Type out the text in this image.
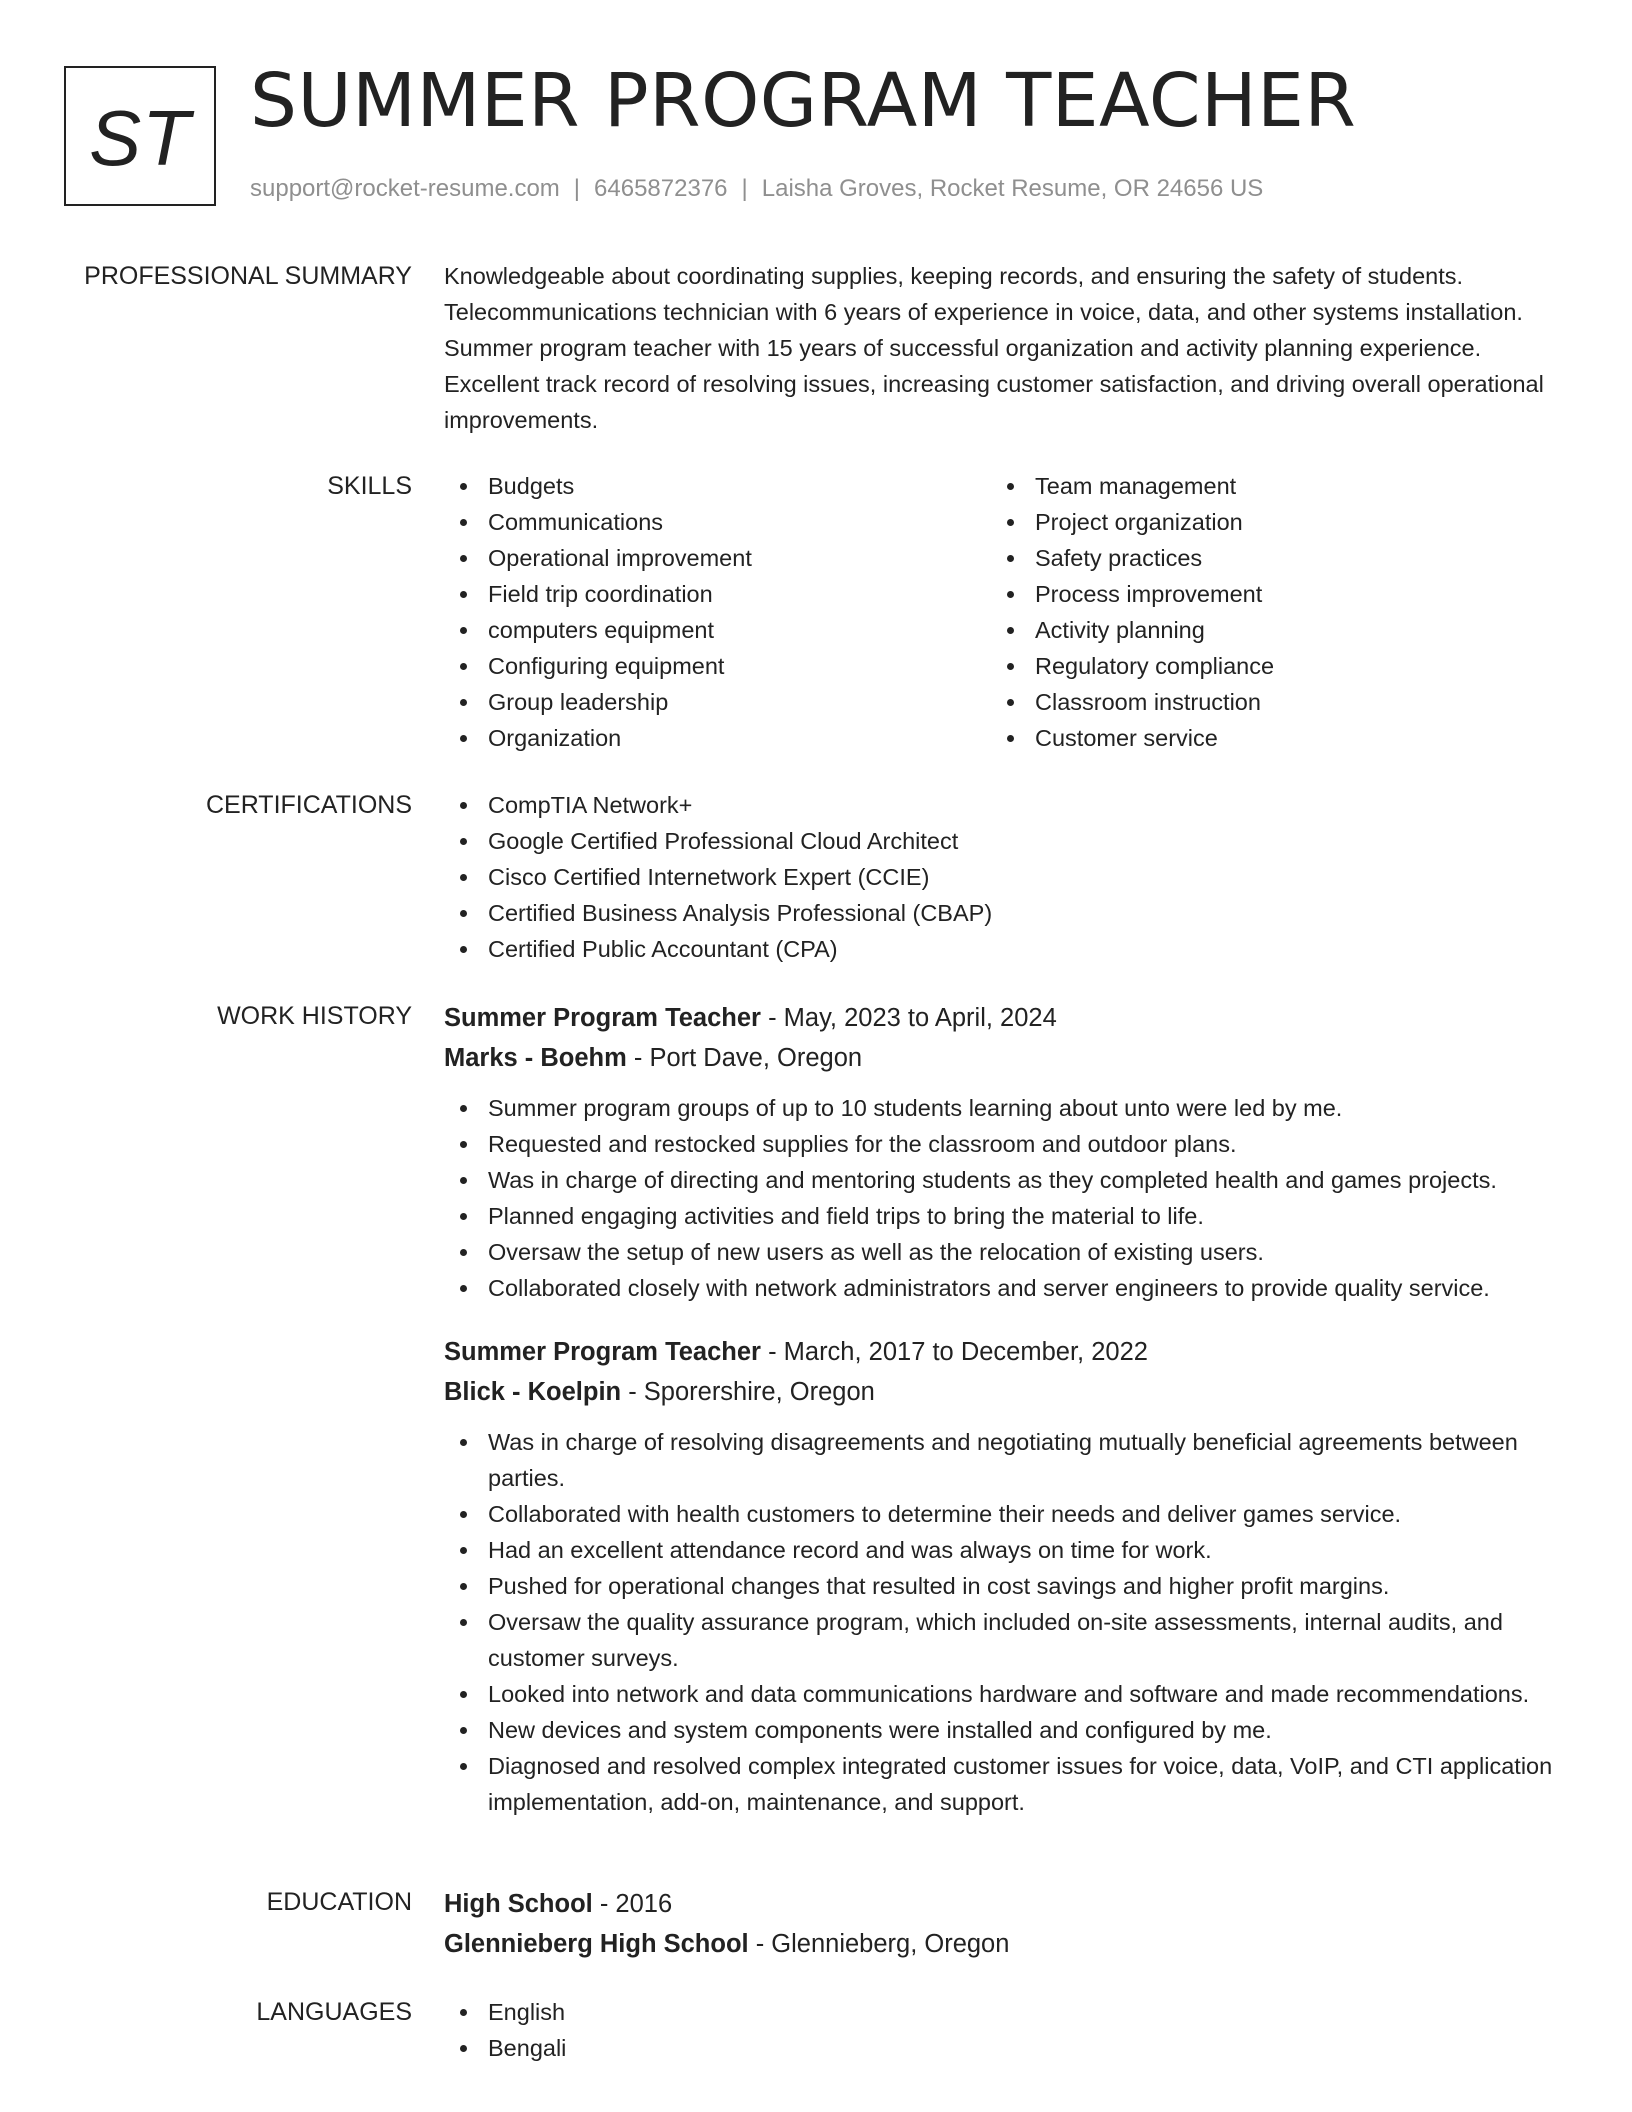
ST SUMMER PROGRAM TEACHER
support@rocket-resume.com | 6465872376 | Laisha Groves, Rocket Resume, OR 24656 US
PROFESSIONAL SUMMARY Knowledgeable about coordinating supplies, keeping records, and ensuring the safety of students. Telecommunications technician with 6 years of experience in voice, data, and other systems installation. Summer program teacher with 15 years of successful organization and activity planning experience. Excellent track record of resolving issues, increasing customer satisfaction, and driving overall operational improvements.

SKILLS	Budgets
Communications
Operational improvement
Field trip coordination
computers equipment
Configuring equipment
Group leadership
Organization
Team management
Project organization
Safety practices
Process improvement
Activity planning
Regulatory compliance
Classroom instruction
Customer service
CERTIFICATIONS	CompTIA Network+
Google Certified Professional Cloud Architect
Cisco Certified Internetwork Expert (CCIE)
Certified Business Analysis Professional (CBAP)
Certified Public Accountant (CPA)
WORK HISTORY Summer Program Teacher - May, 2023 to April, 2024
Marks - Boehm - Port Dave, Oregon
Summer program groups of up to 10 students learning about unto were led by me.
Requested and restocked supplies for the classroom and outdoor plans.
Was in charge of directing and mentoring students as they completed health and games projects.
Planned engaging activities and field trips to bring the material to life.
Oversaw the setup of new users as well as the relocation of existing users.
Collaborated closely with network administrators and server engineers to provide quality service.
Summer Program Teacher - March, 2017 to December, 2022
Blick - Koelpin - Sporershire, Oregon
Was in charge of resolving disagreements and negotiating mutually beneficial agreements between parties.
Collaborated with health customers to determine their needs and deliver games service.
Had an excellent attendance record and was always on time for work.
Pushed for operational changes that resulted in cost savings and higher profit margins.
Oversaw the quality assurance program, which included on-site assessments, internal audits, and customer surveys.
Looked into network and data communications hardware and software and made recommendations.
New devices and system components were installed and configured by me.
Diagnosed and resolved complex integrated customer issues for voice, data, VoIP, and CTI application implementation, add-on, maintenance, and support.
EDUCATION High School - 2016
Glennieberg High School - Glennieberg, Oregon
LANGUAGES	English
Bengali
